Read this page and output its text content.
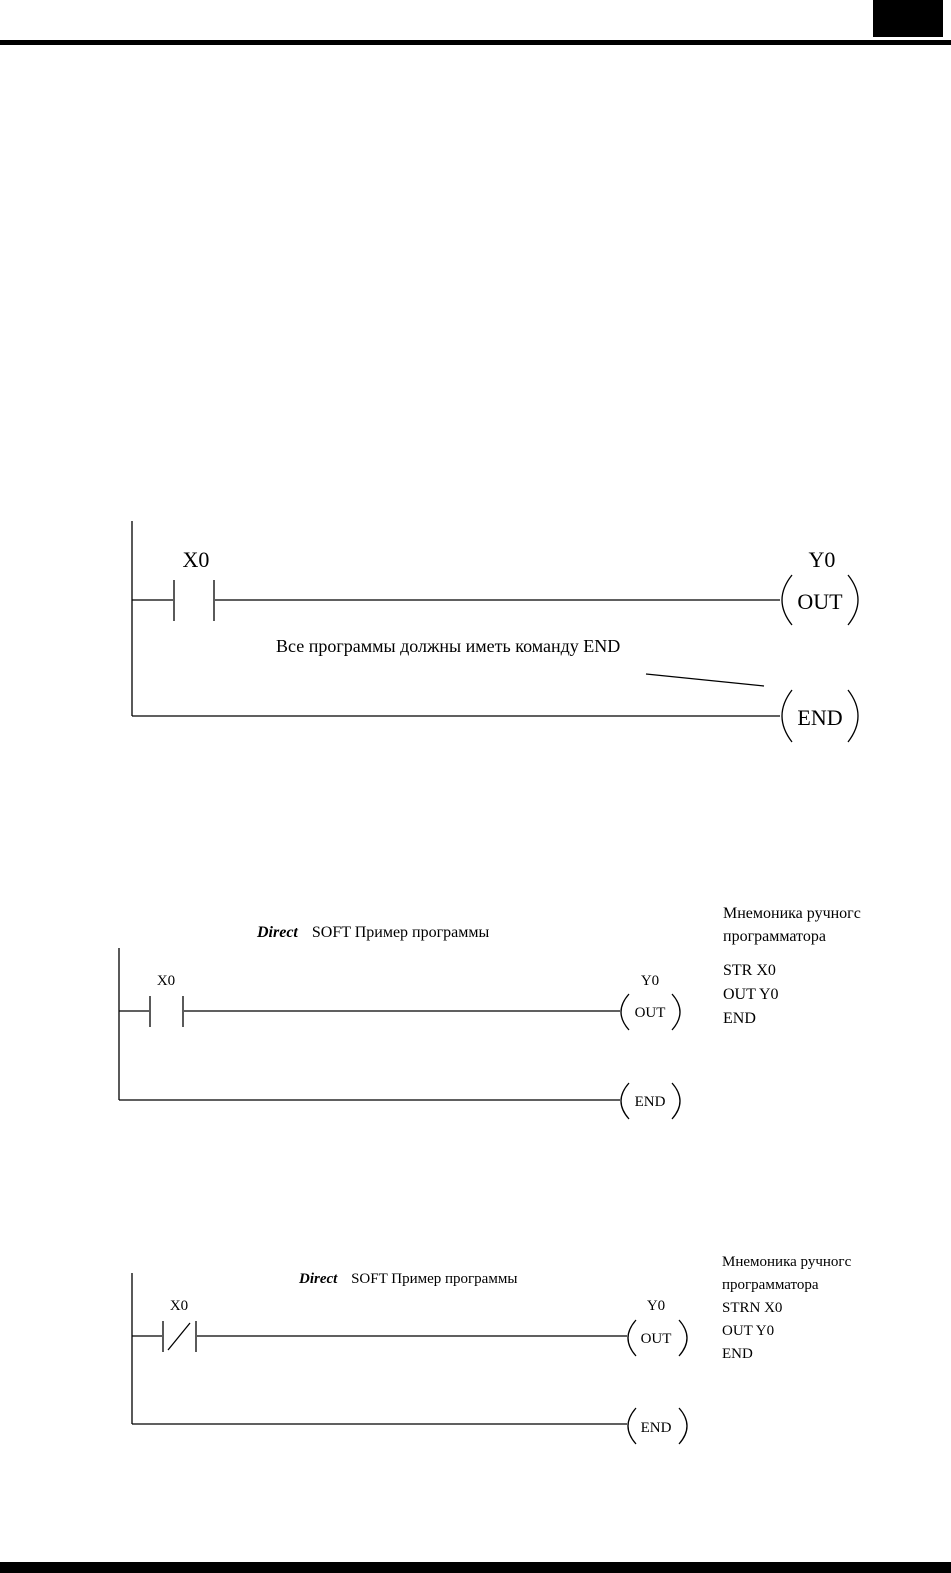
X0	Y0
OUT
END
Все программы должны иметь команду END
Direct SOFT Пример программы
X0	Y0
OUT
END
Direct SOFT Пример программы
X0	Y0
OUT
END
Мнемоника ручногс
программатора
STR X0
OUT Y0
END
Мнемоника ручногс
программатора
STRN X0
OUT Y0
END
